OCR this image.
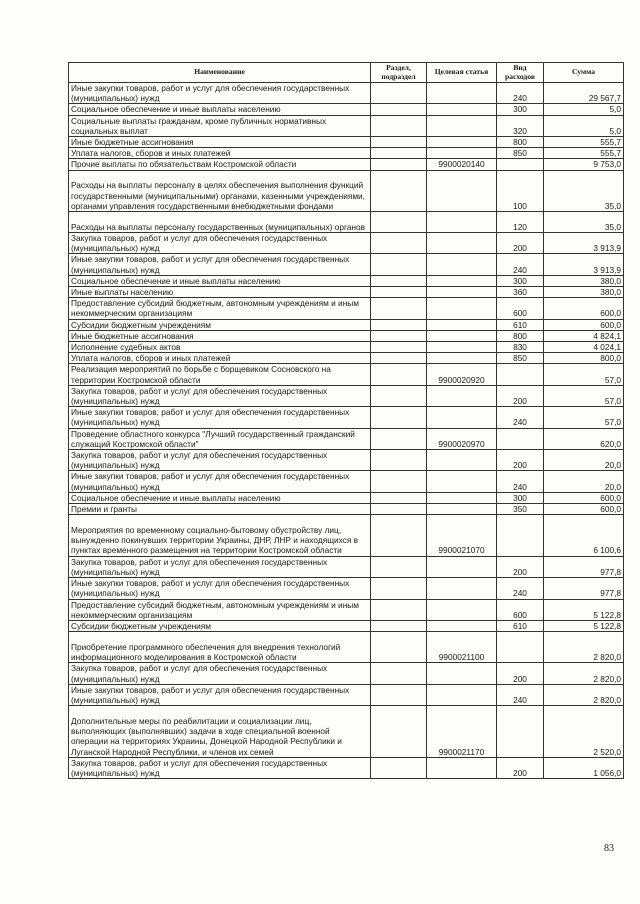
Наименование	Раздел, подраздел	Целевая статья	Вид расходов	Сумма
Иные закупки товаров, работ и услуг для обеспечения государственных (муниципальных) нужд			240	29 567,7
Социальное обеспечение и иные выплаты населению			300	5,0
Социальные выплаты гражданам, кроме публичных нормативных социальных выплат			320	5,0
Иные бюджетные ассигнования			800	555,7
Уплата налогов, сборов и иных платежей			850	555,7
Прочие выплаты по обязательствам Костромской области		9900020140		9 753,0
Расходы на выплаты персоналу в целях обеспечения выполнения функций государственными (муниципальными) органами, казенными учреждениями, органами управления государственными внебюджетными фондами			100	35,0
Расходы на выплаты персоналу государственных (муниципальных) органов			120	35,0
Закупка товаров, работ и услуг для обеспечения государственных (муниципальных) нужд			200	3 913,9
Иные закупки товаров, работ и услуг для обеспечения государственных (муниципальных) нужд			240	3 913,9
Социальное обеспечение и иные выплаты населению			300	380,0
Иные выплаты населению			360	380,0
Предоставление субсидий бюджетным, автономным учреждениям и иным некоммерческим организациям			600	600,0
Субсидии бюджетным учреждениям			610	600,0
Иные бюджетные ассигнования			800	4 824,1
Исполнение судебных актов			830	4 024,1
Уплата налогов, сборов и иных платежей			850	800,0
Реализация мероприятий по борьбе с борщевиком Сосновского на территории Костромской области		9900020920		57,0
Закупка товаров, работ и услуг для обеспечения государственных (муниципальных) нужд			200	57,0
Иные закупки товаров, работ и услуг для обеспечения государственных (муниципальных) нужд			240	57,0
Проведение областного конкурса "Лучший государственный гражданский служащий Костромской области"		9900020970		620,0
Закупка товаров, работ и услуг для обеспечения государственных (муниципальных) нужд			200	20,0
Иные закупки товаров, работ и услуг для обеспечения государственных (муниципальных) нужд			240	20,0
Социальное обеспечение и иные выплаты населению			300	600,0
Премии и гранты			350	600,0
Мероприятия по временному социально-бытовому обустройству лиц, вынужденно покинувших территории Украины, ДНР, ЛНР и находящихся в пунктах временного размещения на территории Костромской области		9900021070		6 100,6
Закупка товаров, работ и услуг для обеспечения государственных (муниципальных) нужд			200	977,8
Иные закупки товаров, работ и услуг для обеспечения государственных (муниципальных) нужд			240	977,8
Предоставление субсидий бюджетным, автономным учреждениям и иным некоммерческим организациям			600	5 122,8
Субсидии бюджетным учреждениям			610	5 122,8
Приобретение программного обеспечения для внедрения технологий информационного моделирования в Костромской области		9900021100		2 820,0
Закупка товаров, работ и услуг для обеспечения государственных (муниципальных) нужд			200	2 820,0
Иные закупки товаров, работ и услуг для обеспечения государственных (муниципальных) нужд			240	2 820,0
Дополнительные меры по реабилитации и социализации лиц, выполняющих (выполнявших) задачи в ходе специальной военной операции на территориях Украины, Донецкой Народной Республики и Луганской Народной Республики, и членов их семей		9900021170		2 520,0
Закупка товаров, работ и услуг для обеспечения государственных (муниципальных) нужд			200	1 056,0
83
